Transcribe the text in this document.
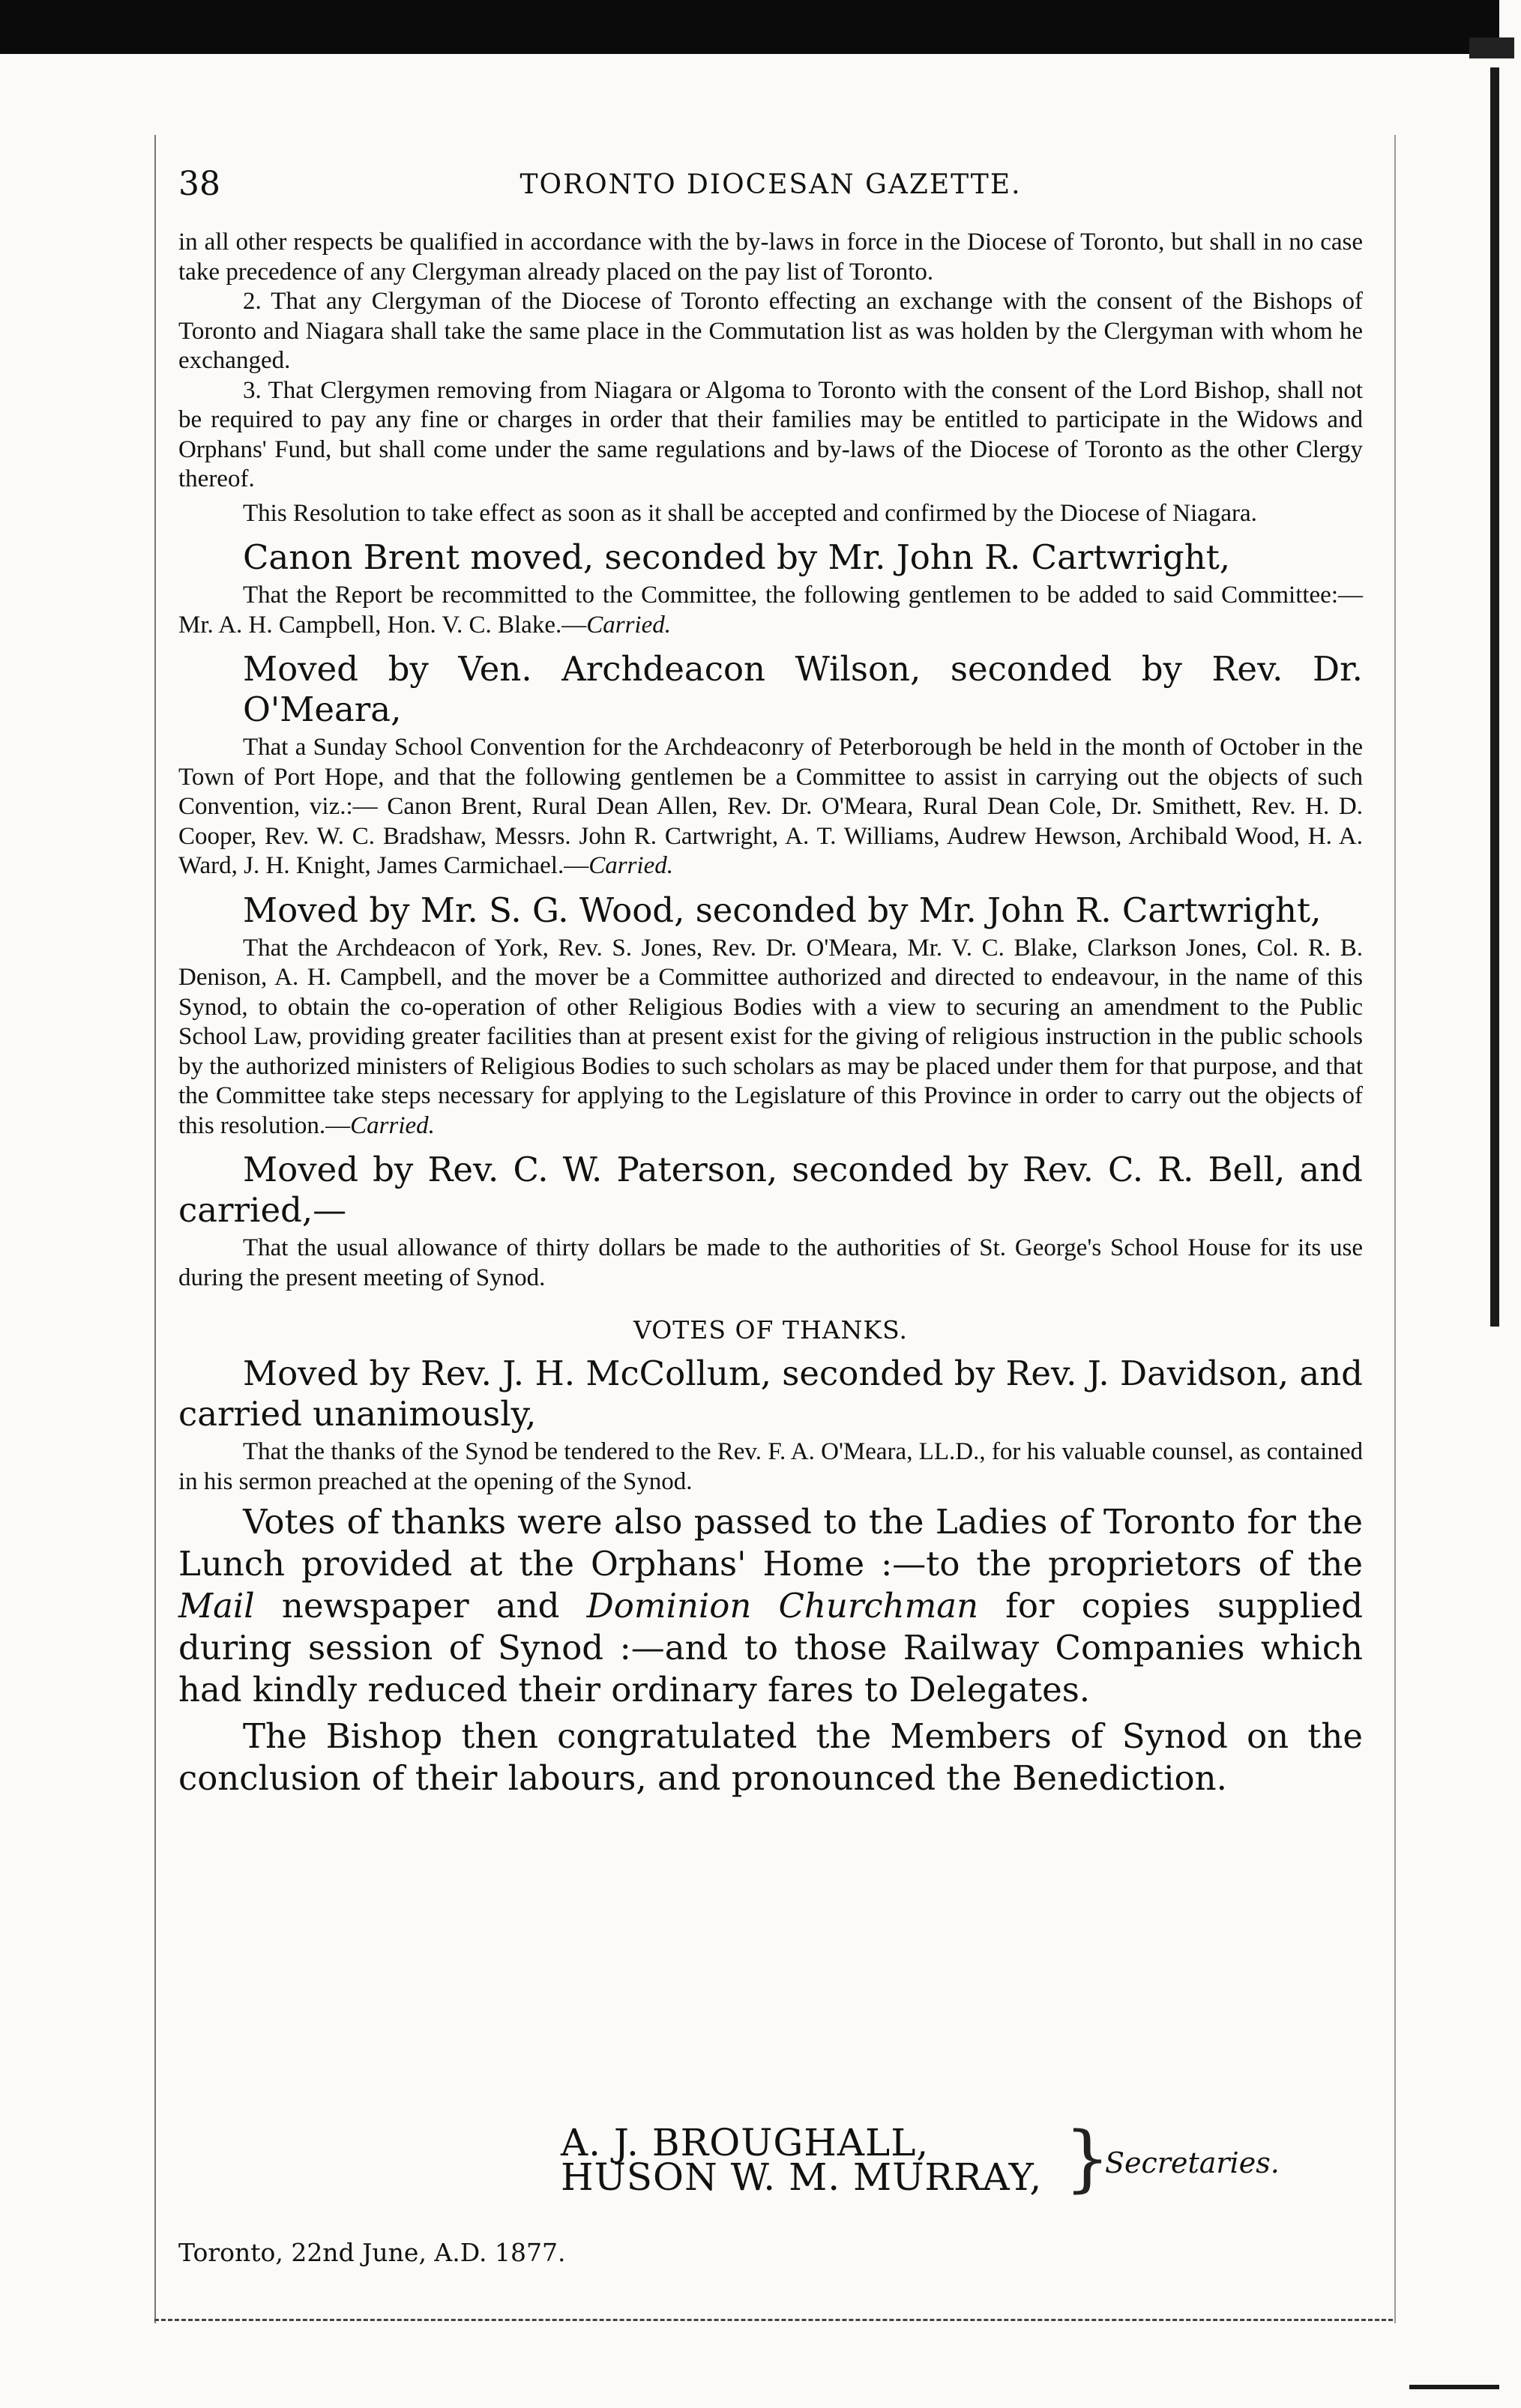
38	TORONTO DIOCESAN GAZETTE.

in all other respects be qualified in accordance with the by-laws in force in the Diocese of Toronto, but shall in no case take precedence of any Clergyman already placed on the pay list of Toronto.

2. That any Clergyman of the Diocese of Toronto effecting an exchange with the consent of the Bishops of Toronto and Niagara shall take the same place in the Commutation list as was holden by the Clergyman with whom he exchanged.

3. That Clergymen removing from Niagara or Algoma to Toronto with the consent of the Lord Bishop, shall not be required to pay any fine or charges in order that their families may be entitled to participate in the Widows and Orphans' Fund, but shall come under the same regulations and by-laws of the Diocese of Toronto as the other Clergy thereof.

This Resolution to take effect as soon as it shall be accepted and confirmed by the Diocese of Niagara.

Canon Brent moved, seconded by Mr. John R. Cartwright,

That the Report be recommitted to the Committee, the following gentlemen to be added to said Committee:—Mr. A. H. Campbell, Hon. V. C. Blake.—Carried.

Moved by Ven. Archdeacon Wilson, seconded by Rev. Dr. O'Meara,

That a Sunday School Convention for the Archdeaconry of Peterborough be held in the month of October in the Town of Port Hope, and that the following gentlemen be a Committee to assist in carrying out the objects of such Convention, viz.:— Canon Brent, Rural Dean Allen, Rev. Dr. O'Meara, Rural Dean Cole, Dr. Smithett, Rev. H. D. Cooper, Rev. W. C. Bradshaw, Messrs. John R. Cartwright, A. T. Williams, Audrew Hewson, Archibald Wood, H. A. Ward, J. H. Knight, James Carmichael.—Carried.

Moved by Mr. S. G. Wood, seconded by Mr. John R. Cartwright,

That the Archdeacon of York, Rev. S. Jones, Rev. Dr. O'Meara, Mr. V. C. Blake, Clarkson Jones, Col. R. B. Denison, A. H. Campbell, and the mover be a Committee authorized and directed to endeavour, in the name of this Synod, to obtain the co-operation of other Religious Bodies with a view to securing an amendment to the Public School Law, providing greater facilities than at present exist for the giving of religious instruction in the public schools by the authorized ministers of Religious Bodies to such scholars as may be placed under them for that purpose, and that the Committee take steps necessary for applying to the Legislature of this Province in order to carry out the objects of this resolution.—Carried.

Moved by Rev. C. W. Paterson, seconded by Rev. C. R. Bell, and carried,—

That the usual allowance of thirty dollars be made to the authorities of St. George's School House for its use during the present meeting of Synod.

VOTES OF THANKS.

Moved by Rev. J. H. McCollum, seconded by Rev. J. Davidson, and carried unanimously,

That the thanks of the Synod be tendered to the Rev. F. A. O'Meara, LL.D., for his valuable counsel, as contained in his sermon preached at the opening of the Synod.

Votes of thanks were also passed to the Ladies of Toronto for the Lunch provided at the Orphans' Home :—to the proprietors of the Mail newspaper and Dominion Churchman for copies supplied during session of Synod :—and to those Railway Companies which had kindly reduced their ordinary fares to Delegates.

The Bishop then congratulated the Members of Synod on the conclusion of their labours, and pronounced the Benediction.

A. J. BROUGHALL,
HUSON W. M. MURRAY, }
Secretaries.
Toronto, 22nd June, A.D. 1877.
